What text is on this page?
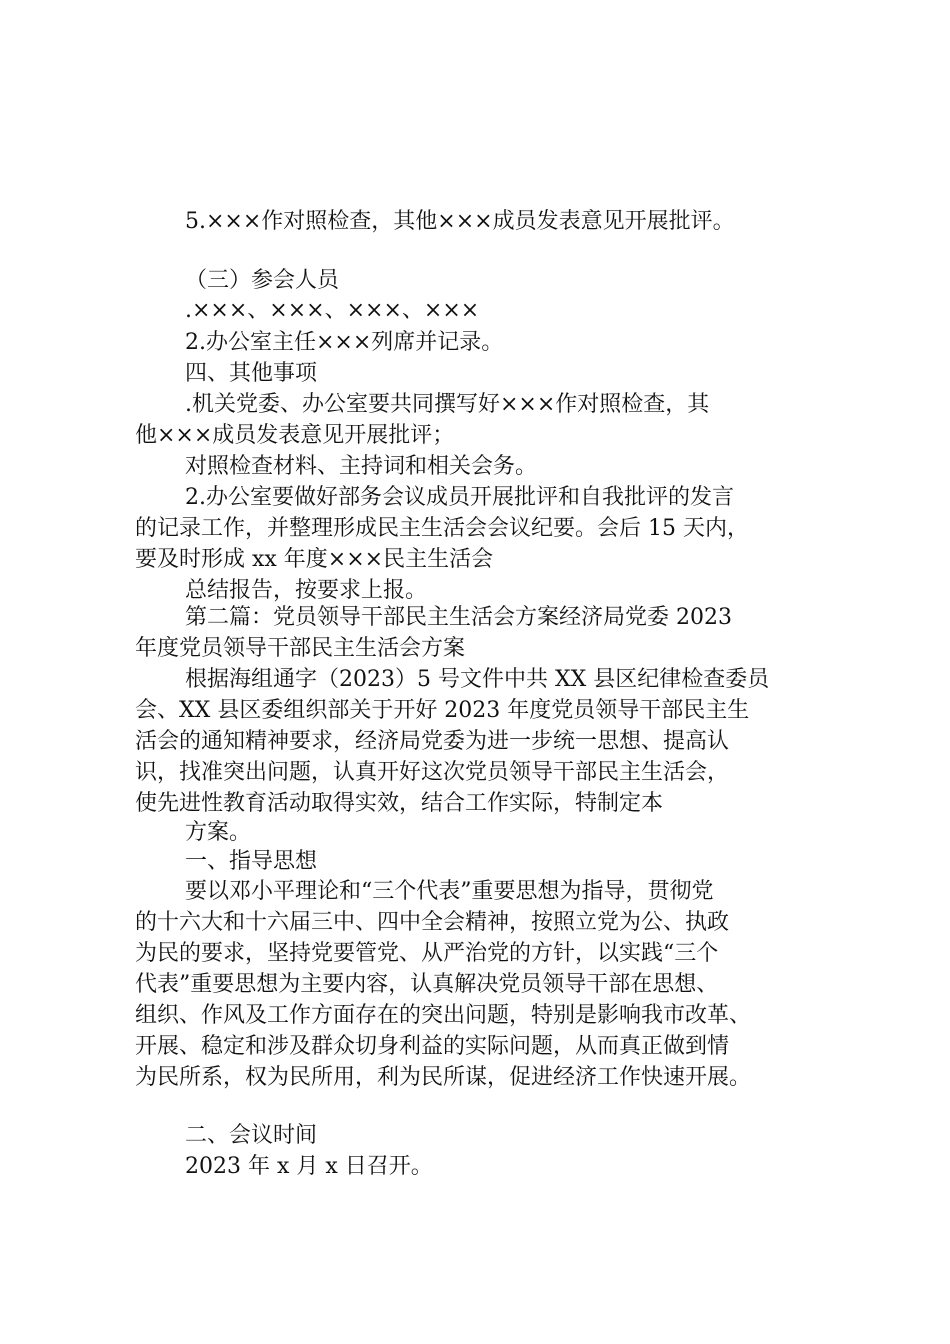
5.×××作对照检查，其他×××成员发表意见开展批评。

（三）参会人员

.×××、×××、×××、×××

2.办公室主任×××列席并记录。

四、其他事项

.机关党委、办公室要共同撰写好×××作对照检查，其

他×××成员发表意见开展批评；

对照检查材料、主持词和相关会务。

2.办公室要做好部务会议成员开展批评和自我批评的发言

的记录工作，并整理形成民主生活会会议纪要。会后 15 天内，

要及时形成 xx 年度×××民主生活会

总结报告，按要求上报。

第二篇：党员领导干部民主生活会方案经济局党委 2023

年度党员领导干部民主生活会方案

根据海组通字（2023）5 号文件中共 XX 县区纪律检查委员

会、XX 县区委组织部关于开好 2023 年度党员领导干部民主生

活会的通知精神要求，经济局党委为进一步统一思想、提高认

识，找准突出问题，认真开好这次党员领导干部民主生活会，

使先进性教育活动取得实效，结合工作实际，特制定本

方案。

一、指导思想

要以邓小平理论和“三个代表”重要思想为指导，贯彻党

的十六大和十六届三中、四中全会精神，按照立党为公、执政

为民的要求，坚持党要管党、从严治党的方针，以实践“三个

代表”重要思想为主要内容，认真解决党员领导干部在思想、

组织、作风及工作方面存在的突出问题，特别是影响我市改革、

开展、稳定和涉及群众切身利益的实际问题，从而真正做到情

为民所系，权为民所用，利为民所谋，促进经济工作快速开展。

二、会议时间

2023 年 x 月 x 日召开。
